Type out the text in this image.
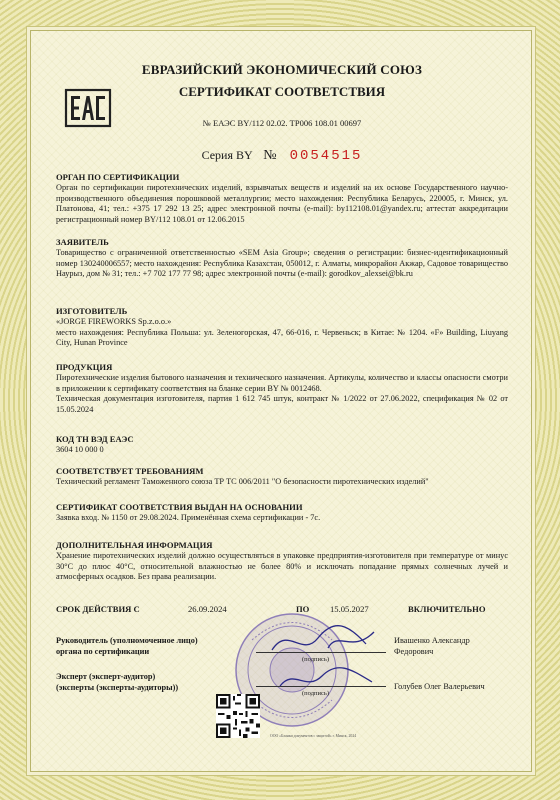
ЕВРАЗИЙСКИЙ ЭКОНОМИЧЕСКИЙ СОЮЗ
СЕРТИФИКАТ СООТВЕТСТВИЯ
№ ЕАЭС BY/112 02.02. ТР006 108.01 00697
Серия BY № 0054515
ОРГАН ПО СЕРТИФИКАЦИИ

Орган по сертификации пиротехнических изделий, взрывчатых веществ и изделий на их основе Государственного научно-производственного объединения порошковой металлургии; место нахождения: Республика Беларусь, 220005, г. Минск, ул. Платонова, 41; тел.: +375 17 292 13 25; адрес электронной почты (e-mail): by112108.01@yandex.ru; аттестат аккредитации регистрационный номер BY/112 108.01 от 12.06.2015

ЗАЯВИТЕЛЬ

Товарищество с ограниченной ответственностью «SEM Asia Group»; сведения о регистрации: бизнес-идентификационный номер 130240006557; место нахождения: Республика Казахстан, 050012, г. Алматы, микрорайон Акжар, Садовое товарищество Наурыз, дом № 31; тел.: +7 702 177 77 98; адрес электронной почты (e-mail): gorodkov_alexsei@bk.ru

ИЗГОТОВИТЕЛЬ

«JORGE FIREWORKS Sp.z.o.o.»
место нахождения: Республика Польша: ул. Зеленогорская, 47, 66-016, г. Червеньск; в Китае: № 1204. «F» Building, Liuyang City, Hunan Province

ПРОДУКЦИЯ

Пиротехнические изделия бытового назначения и технического назначения. Артикулы, количество и классы опасности смотри в приложении к сертификату соответствия на бланке серии BY № 0012468.
Техническая документация изготовителя, партия 1 612 745 штук, контракт № 1/2022 от 27.06.2022, спецификация № 02 от 15.05.2024

КОД ТН ВЭД ЕАЭС

3604 10 000 0

СООТВЕТСТВУЕТ ТРЕБОВАНИЯМ

Технический регламент Таможенного союза ТР ТС 006/2011 "О безопасности пиротехнических изделий"

СЕРТИФИКАТ СООТВЕТСТВИЯ ВЫДАН НА ОСНОВАНИИ

Заявка вход. № 1150 от 29.08.2024. Применённая схема сертификации - 7с.

ДОПОЛНИТЕЛЬНАЯ ИНФОРМАЦИЯ

Хранение пиротехнических изделий должно осуществляться в упаковке предприятия-изготовителя при температуре от минус 30°С до плюс 40°С, относительной влажностью не более 80% и исключать попадание прямых солнечных лучей и атмосферных осадков. Без права реализации.

СРОК ДЕЙСТВИЯ С	26.09.2024	ПО 15.05.2027	ВКЛЮЧИТЕЛЬНО
Руководитель (уполномоченное лицо)
органа по сертификации
(подпись)
Ивашенко Александр
Федорович
Эксперт (эксперт-аудитор)
(эксперты (эксперты-аудиторы))
(подпись)
Голубев Олег Валерьевич
ООО «Бланки документов с защитой» г. Минск, 2024
